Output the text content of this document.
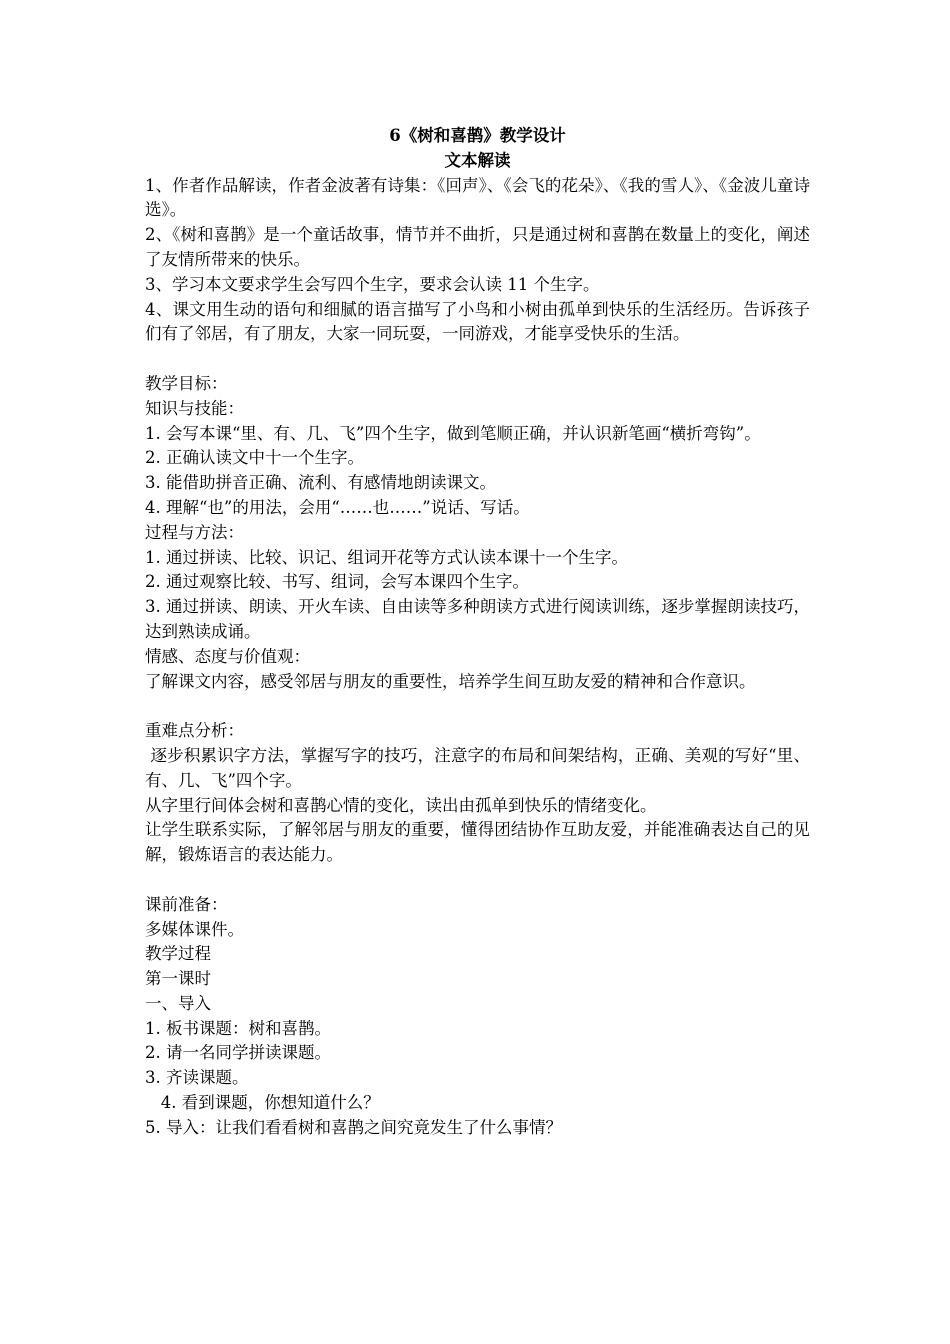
6《树和喜鹊》教学设计

文本解读

1、作者作品解读，作者金波著有诗集：《回声》、《会飞的花朵》、《我的雪人》、《金波儿童诗选》。

2、《树和喜鹊》是一个童话故事，情节并不曲折，只是通过树和喜鹊在数量上的变化，阐述了友情所带来的快乐。

3、学习本文要求学生会写四个生字，要求会认读 11 个生字。

4、课文用生动的语句和细腻的语言描写了小鸟和小树由孤单到快乐的生活经历。告诉孩子们有了邻居，有了朋友，大家一同玩耍，一同游戏，才能享受快乐的生活。

教学目标：

知识与技能：

1. 会写本课“里、有、几、飞”四个生字，做到笔顺正确，并认识新笔画“横折弯钩”。

2. 正确认读文中十一个生字。

3. 能借助拼音正确、流利、有感情地朗读课文。

4. 理解“也”的用法，会用“……也……”说话、写话。

过程与方法：

1. 通过拼读、比较、识记、组词开花等方式认读本课十一个生字。

2. 通过观察比较、书写、组词，会写本课四个生字。

3. 通过拼读、朗读、开火车读、自由读等多种朗读方式进行阅读训练，逐步掌握朗读技巧，达到熟读成诵。

情感、态度与价值观：

了解课文内容，感受邻居与朋友的重要性，培养学生间互助友爱的精神和合作意识。

重难点分析：

逐步积累识字方法，掌握写字的技巧，注意字的布局和间架结构，正确、美观的写好“里、有、几、飞”四个字。

从字里行间体会树和喜鹊心情的变化，读出由孤单到快乐的情绪变化。

让学生联系实际，了解邻居与朋友的重要，懂得团结协作互助友爱，并能准确表达自己的见解，锻炼语言的表达能力。

课前准备：

多媒体课件。

教学过程

第一课时

一、导入

1. 板书课题：树和喜鹊。

2. 请一名同学拼读课题。

3. 齐读课题。

4. 看到课题，你想知道什么？

5. 导入：让我们看看树和喜鹊之间究竟发生了什么事情？
